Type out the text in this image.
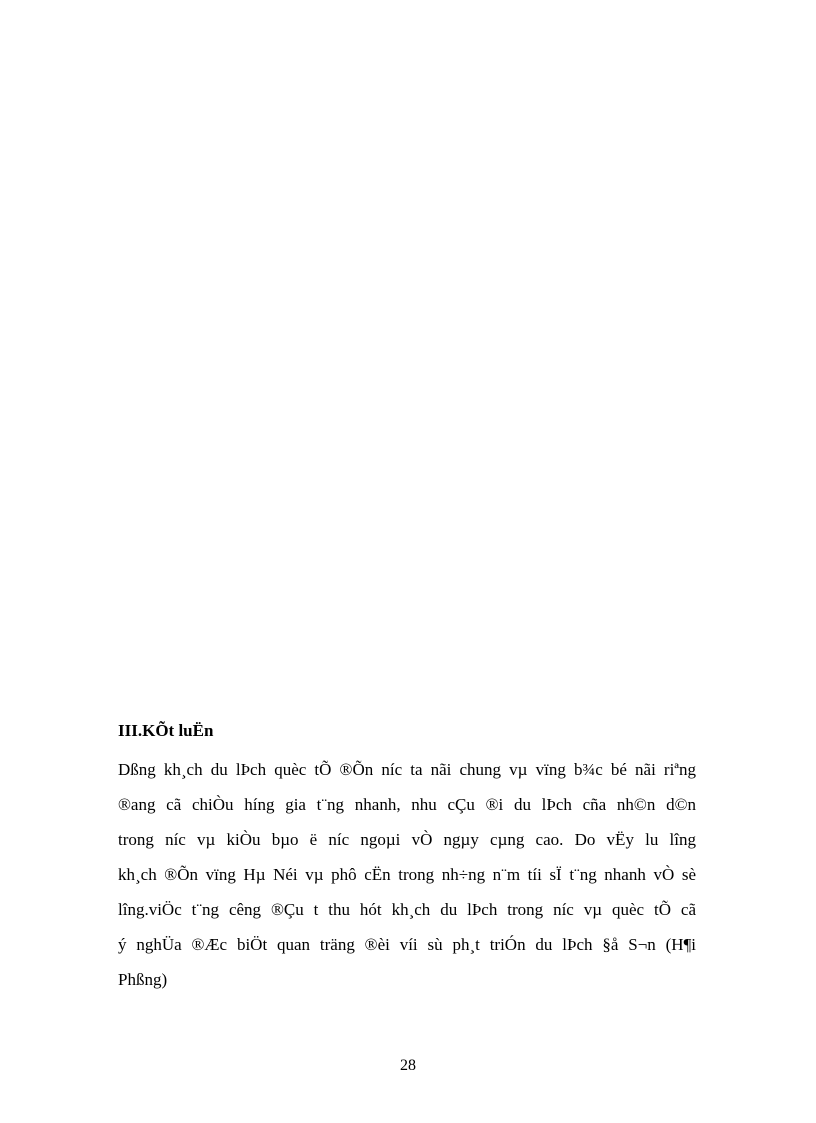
III.KÕt luËn
Dßng kh¸ch du lÞch quèc tÕ ®Õn níc ta nãi chung vµ vïng b¾c bé nãi riªng
®ang cã chiÒu híng gia t¨ng nhanh, nhu cÇu ®i du lÞch cña nh©n d©n
trong níc vµ kiÒu bµo ë níc ngoµi vÒ ngµy cµng cao. Do vËy lu lîng
kh¸ch ®Õn vïng Hµ Néi vµ phô cËn trong nh÷ng n¨m tíi sÏ t¨ng nhanh vÒ sè
lîng.viÖc t¨ng cêng ®Çu t thu hót kh¸ch du lÞch trong níc vµ quèc tÕ cã
ý nghÜa ®Æc biÖt quan träng ®èi víi sù ph¸t triÓn du lÞch §å S¬n (H¶i
Phßng)
28
